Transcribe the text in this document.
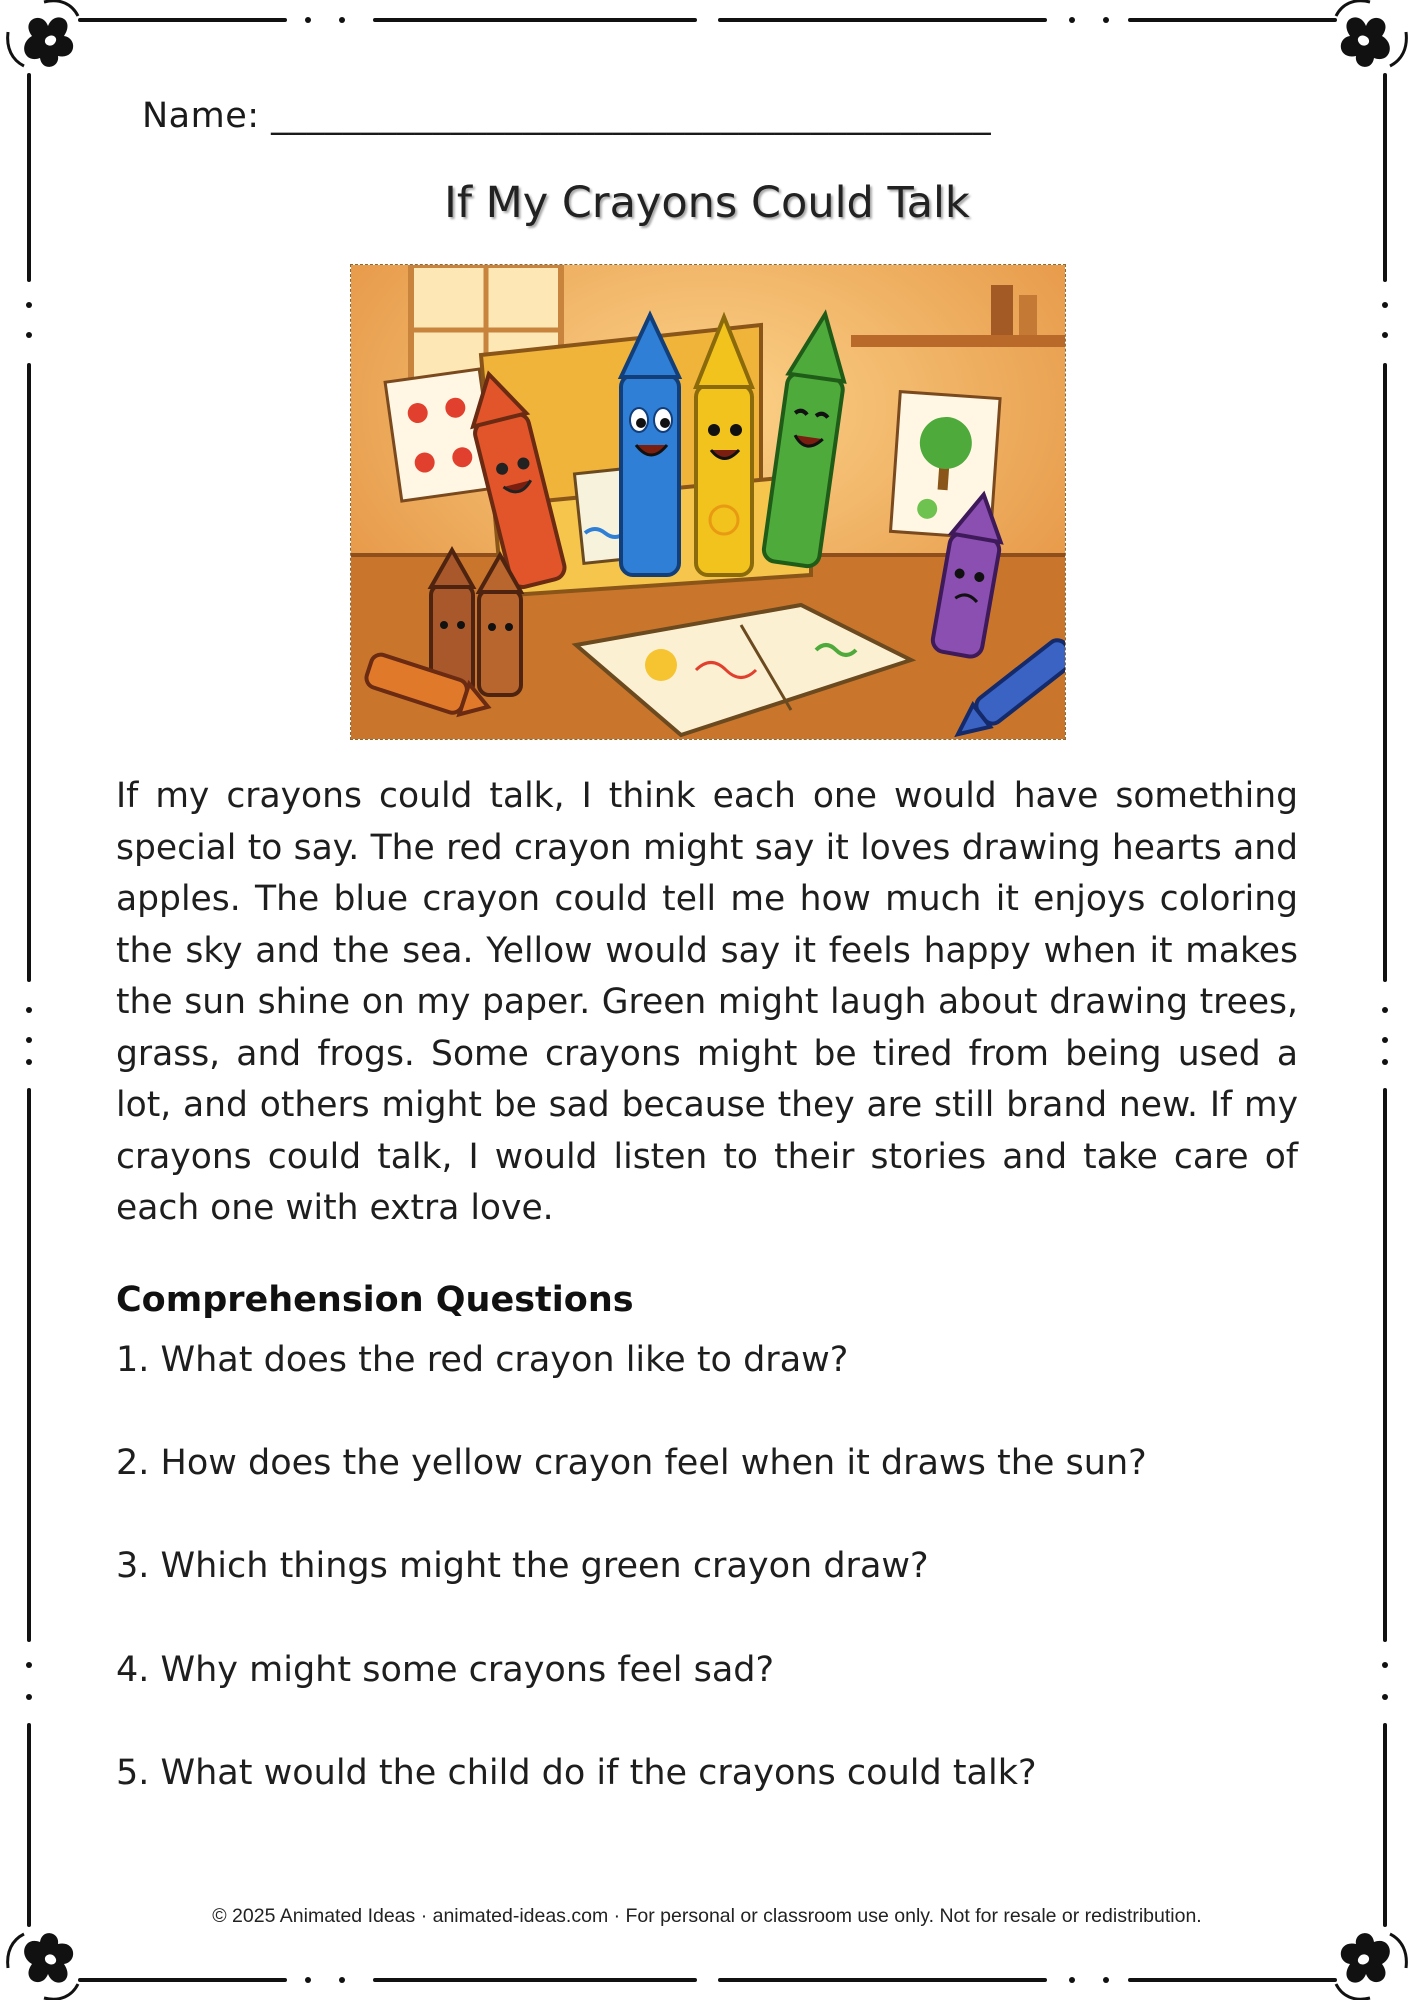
Name: ________________________________________
If My Crayons Could Talk

If my crayons could talk, I think each one would have something special to say. The red crayon might say it loves drawing hearts and apples. The blue crayon could tell me how much it enjoys coloring the sky and the sea. Yellow would say it feels happy when it makes the sun shine on my paper. Green might laugh about drawing trees, grass, and frogs. Some crayons might be tired from being used a lot, and others might be sad because they are still brand new. If my crayons could talk, I would listen to their stories and take care of each one with extra love.

Comprehension Questions
1. What does the red crayon like to draw?
2. How does the yellow crayon feel when it draws the sun?
3. Which things might the green crayon draw?
4. Why might some crayons feel sad?
5. What would the child do if the crayons could talk?
© 2025 Animated Ideas · animated-ideas.com · For personal or classroom use only. Not for resale or redistribution.
